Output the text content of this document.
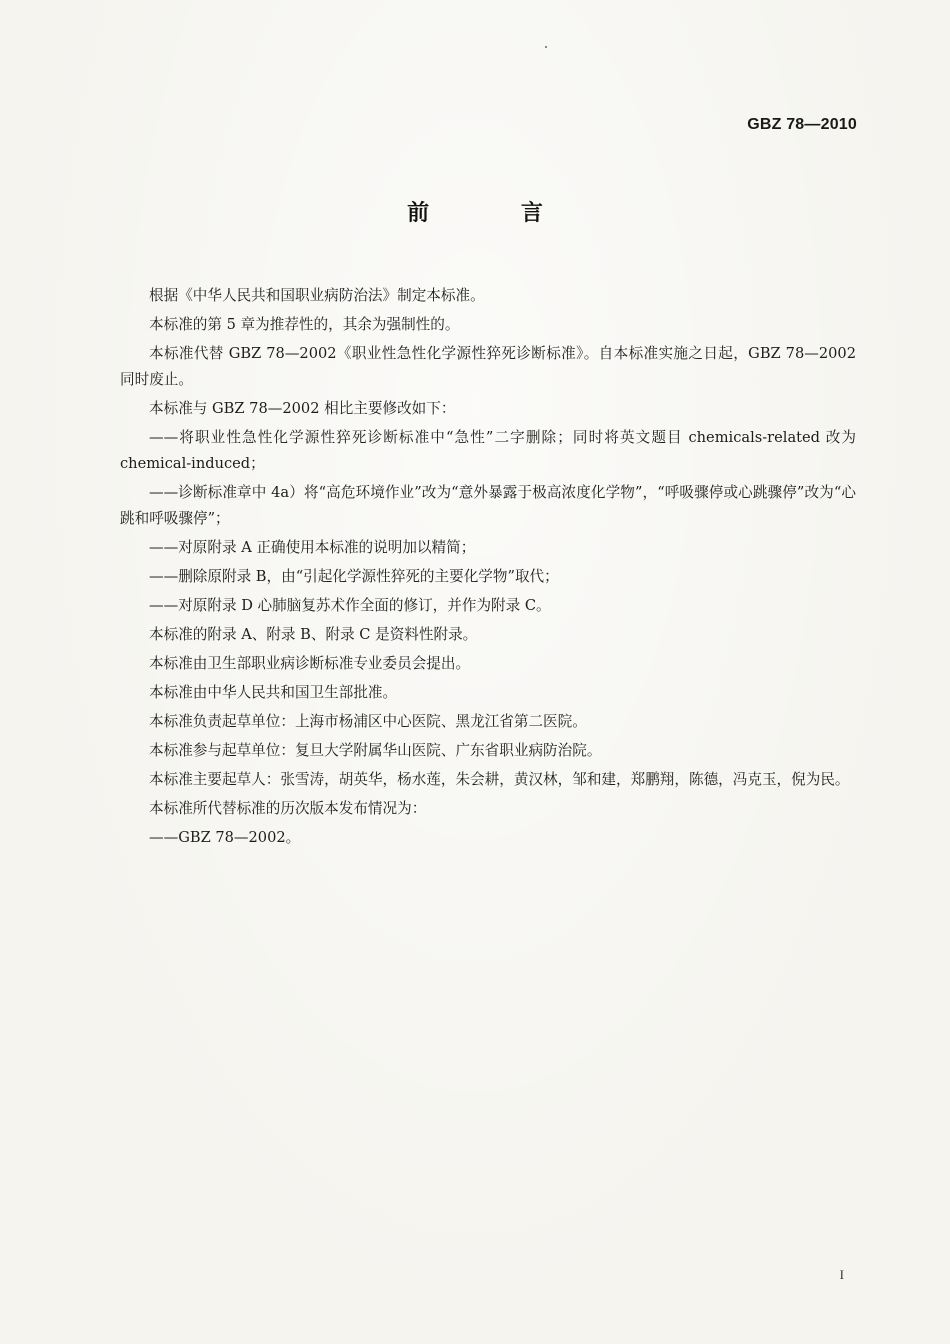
GBZ 78—2010
前 言

根据《中华人民共和国职业病防治法》制定本标准。

本标准的第 5 章为推荐性的，其余为强制性的。

本标准代替 GBZ 78—2002《职业性急性化学源性猝死诊断标准》。自本标准实施之日起，GBZ 78—2002 同时废止。

本标准与 GBZ 78—2002 相比主要修改如下：

——将职业性急性化学源性猝死诊断标准中“急性”二字删除；同时将英文题目 chemicals-related 改为 chemical-induced；

——诊断标准章中 4a）将“高危环境作业”改为“意外暴露于极高浓度化学物”，“呼吸骤停或心跳骤停”改为“心跳和呼吸骤停”；

——对原附录 A 正确使用本标准的说明加以精简；

——删除原附录 B，由“引起化学源性猝死的主要化学物”取代；

——对原附录 D 心肺脑复苏术作全面的修订，并作为附录 C。

本标准的附录 A、附录 B、附录 C 是资料性附录。

本标准由卫生部职业病诊断标准专业委员会提出。

本标准由中华人民共和国卫生部批准。

本标准负责起草单位：上海市杨浦区中心医院、黑龙江省第二医院。

本标准参与起草单位：复旦大学附属华山医院、广东省职业病防治院。

本标准主要起草人：张雪涛，胡英华，杨水莲，朱会耕，黄汉林，邹和建，郑鹏翔，陈德，冯克玉，倪为民。

本标准所代替标准的历次版本发布情况为：

——GBZ 78—2002。

I
